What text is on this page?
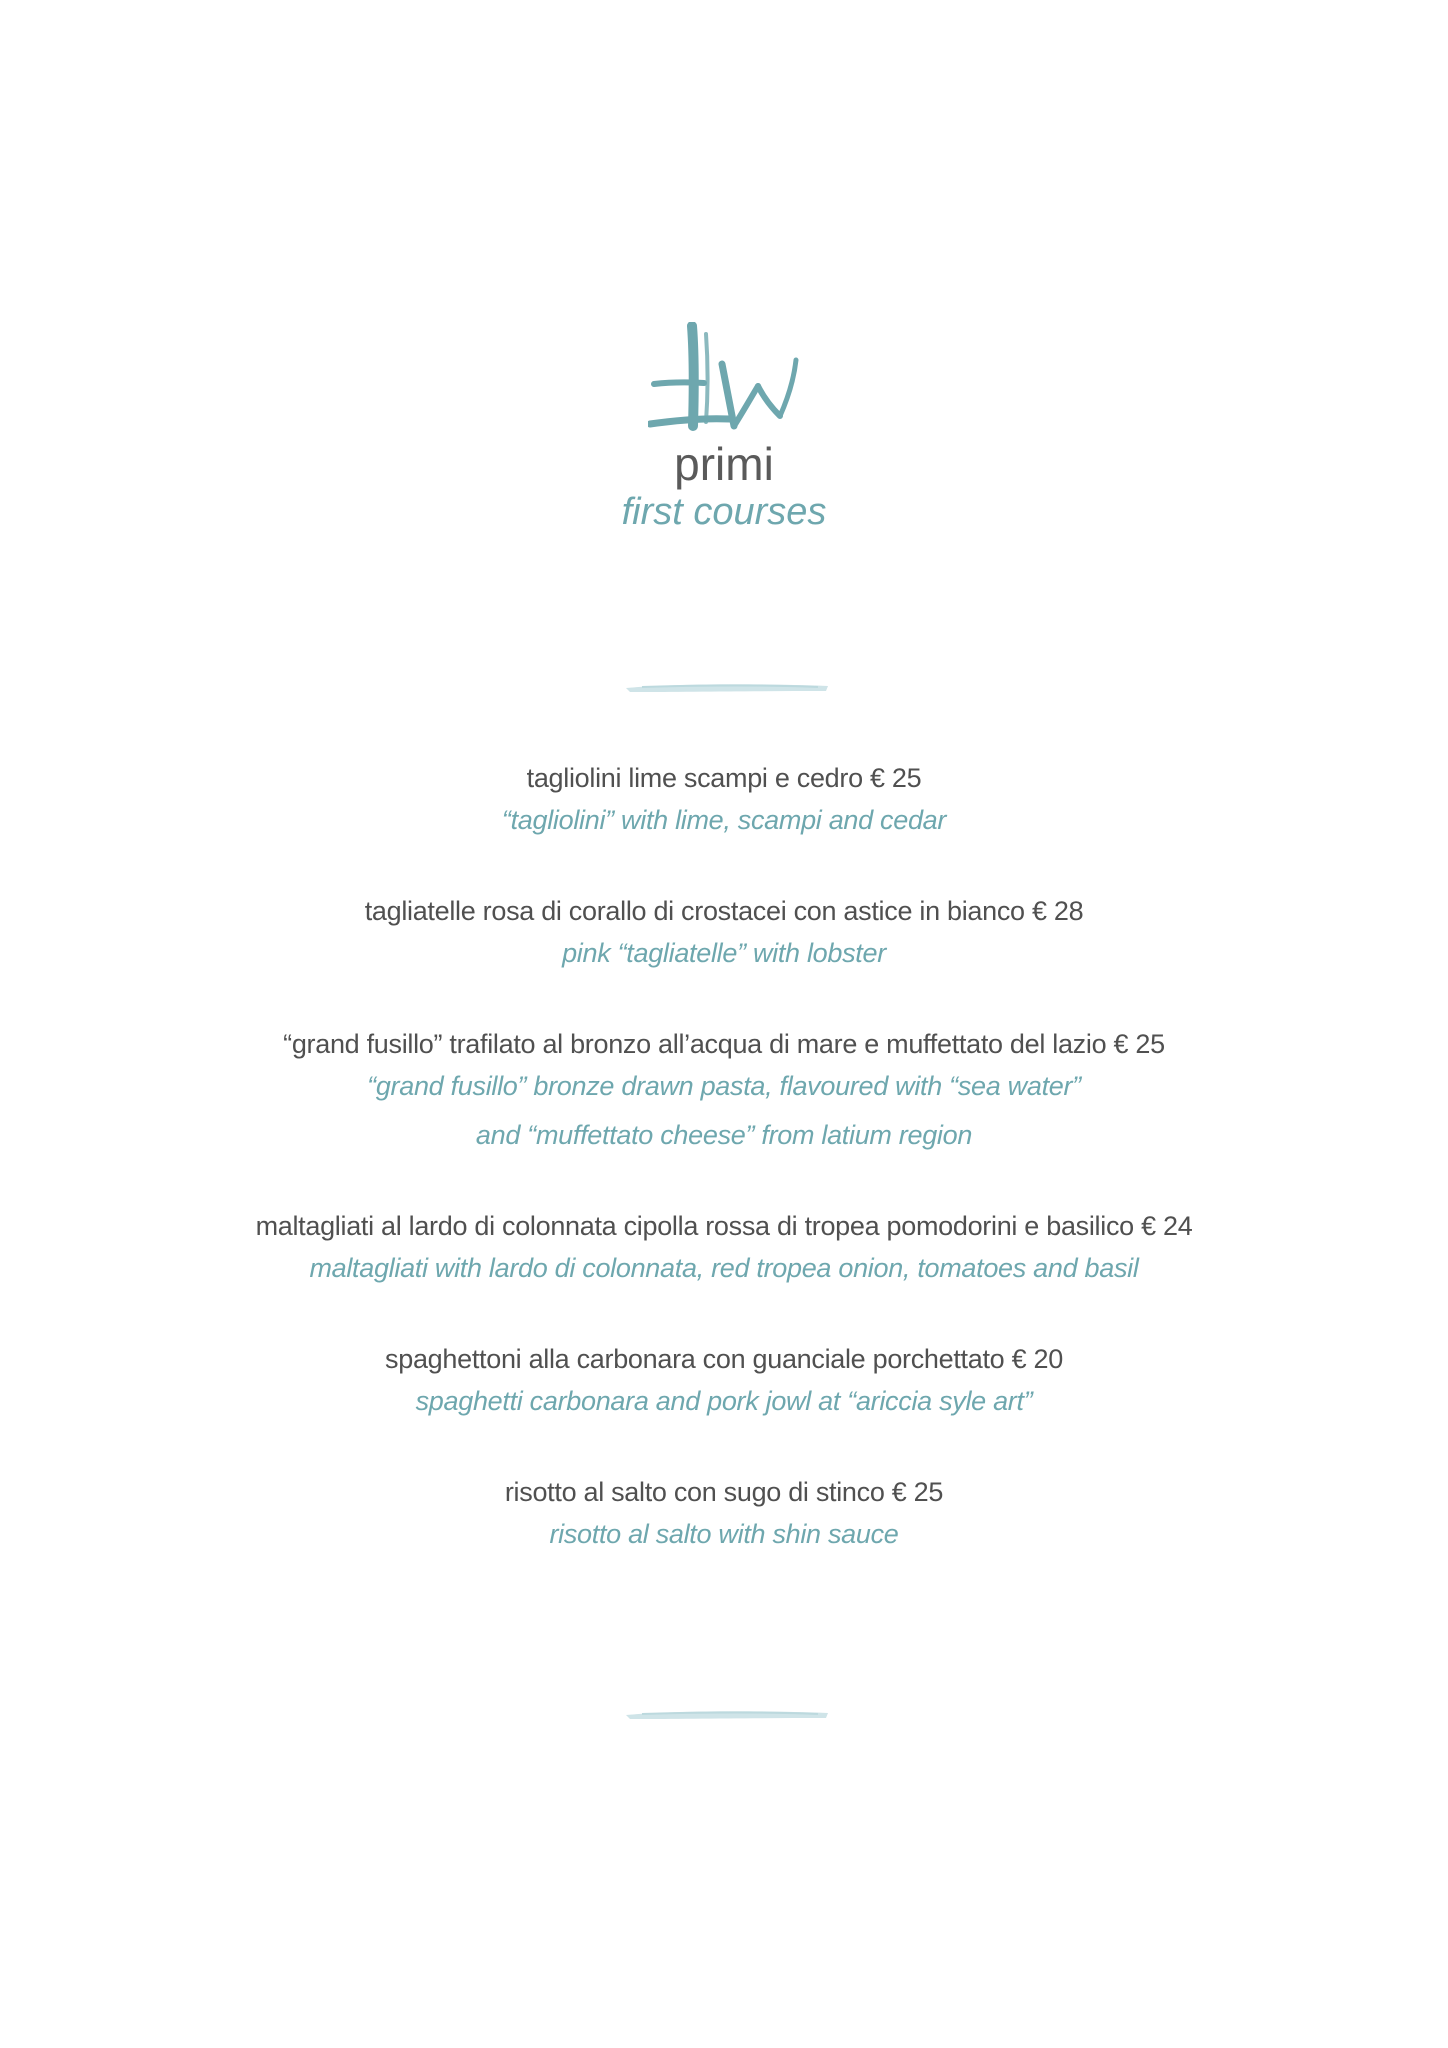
primi
first courses
tagliolini lime scampi e cedro € 25
“tagliolini” with lime, scampi and cedar
tagliatelle rosa di corallo di crostacei con astice in bianco € 28
pink “tagliatelle” with lobster
“grand fusillo” trafilato al bronzo all’acqua di mare e muffettato del lazio € 25
“grand fusillo” bronze drawn pasta, flavoured with “sea water”
and “muffettato cheese” from latium region
maltagliati al lardo di colonnata cipolla rossa di tropea pomodorini e basilico € 24
maltagliati with lardo di colonnata, red tropea onion, tomatoes and basil
spaghettoni alla carbonara con guanciale porchettato € 20
spaghetti carbonara and pork jowl at “ariccia syle art”
risotto al salto con sugo di stinco € 25
risotto al salto with shin sauce
